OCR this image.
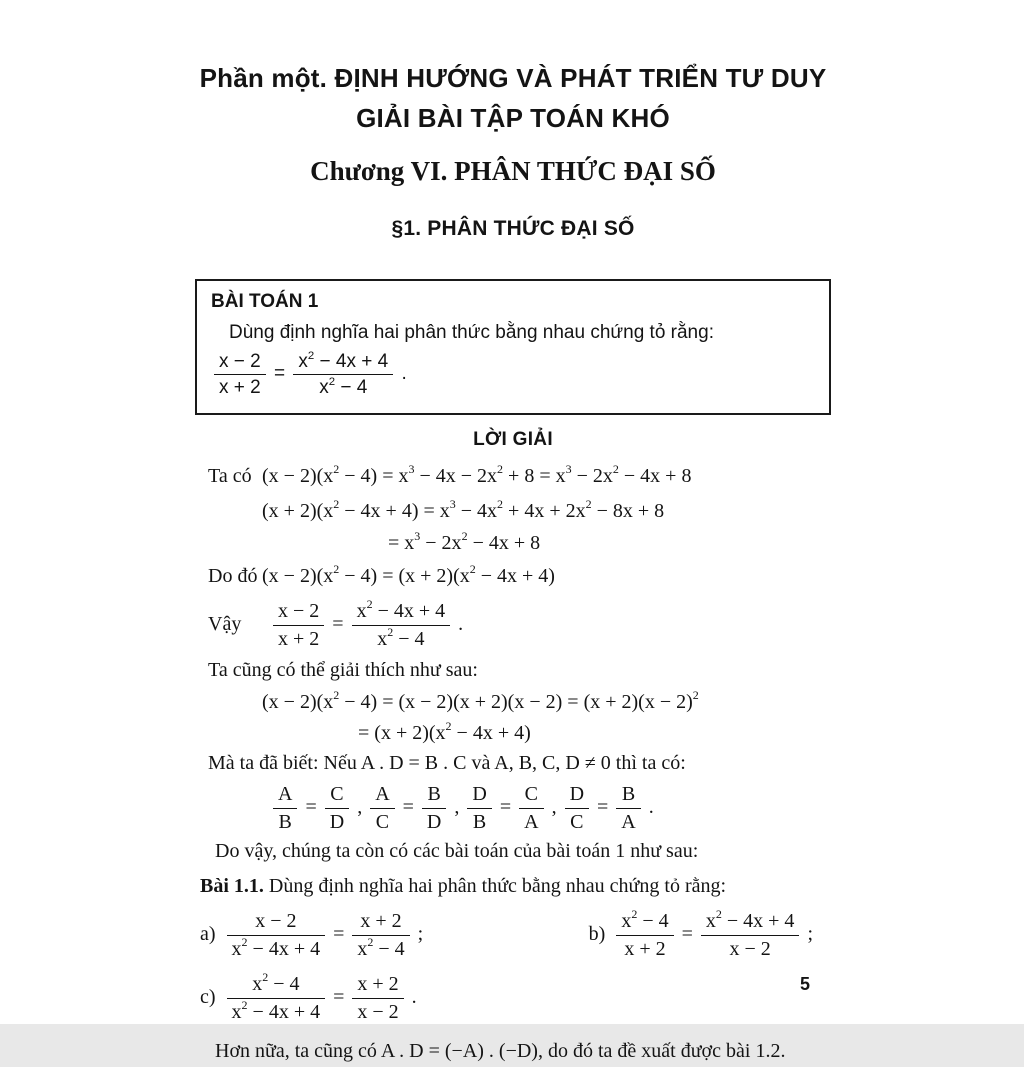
Phần một. ĐỊNH HƯỚNG VÀ PHÁT TRIỂN TƯ DUY
GIẢI BÀI TẬP TOÁN KHÓ
Chương VI. PHÂN THỨC ĐẠI SỐ
§1. PHÂN THỨC ĐẠI SỐ
BÀI TOÁN 1
Dùng định nghĩa hai phân thức bằng nhau chứng tỏ rằng:
$\frac{x - 2}{x + 2} = \frac{x^2 - 4x + 4}{x^2 - 4}$ .
LỜI GIẢI
Ta có $(x - 2)(x^2 - 4) = x^3 - 4x - 2x^2 + 8 = x^3 - 2x^2 - 4x + 8$
$(x + 2)(x^2 - 4x + 4) = x^3 - 4x^2 + 4x + 2x^2 - 8x + 8$
= $x^3 - 2x^2 - 4x + 8$
Do đó $(x - 2)(x^2 - 4) = (x + 2)(x^2 - 4x + 4)$
Vậy	$\frac{x - 2}{x + 2} = \frac{x^2 - 4x + 4}{x^2 - 4}$ .
Ta cũng có thể giải thích như sau:
$(x - 2)(x^2 - 4) = (x - 2)(x + 2)(x - 2) = (x + 2)(x - 2)^2$
= $(x + 2)(x^2 - 4x + 4)$
Mà ta đã biết: Nếu A . D = B . C và A, B, C, D ≠ 0 thì ta có:
$\frac{A}{B} = \frac{C}{D}$ , $\frac{A}{C} = \frac{B}{D}$ , $\frac{D}{B} = \frac{C}{A}$ , $\frac{D}{C} = \frac{B}{A}$ .
Do vậy, chúng ta còn có các bài toán của bài toán 1 như sau:
Bài 1.1. Dùng định nghĩa hai phân thức bằng nhau chứng tỏ rằng:
$a) \frac{x - 2}{x^2 - 4x + 4} = \frac{x + 2}{x^2 - 4}$ ;	$b) \frac{x^2 - 4}{x + 2} = \frac{x^2 - 4x + 4}{x - 2}$ ;
$c) \frac{x^2 - 4}{x^2 - 4x + 4} = \frac{x + 2}{x - 2}$ .
Hơn nữa, ta cũng có A . D = (−A) . (−D), do đó ta đề xuất được bài 1.2.
5
